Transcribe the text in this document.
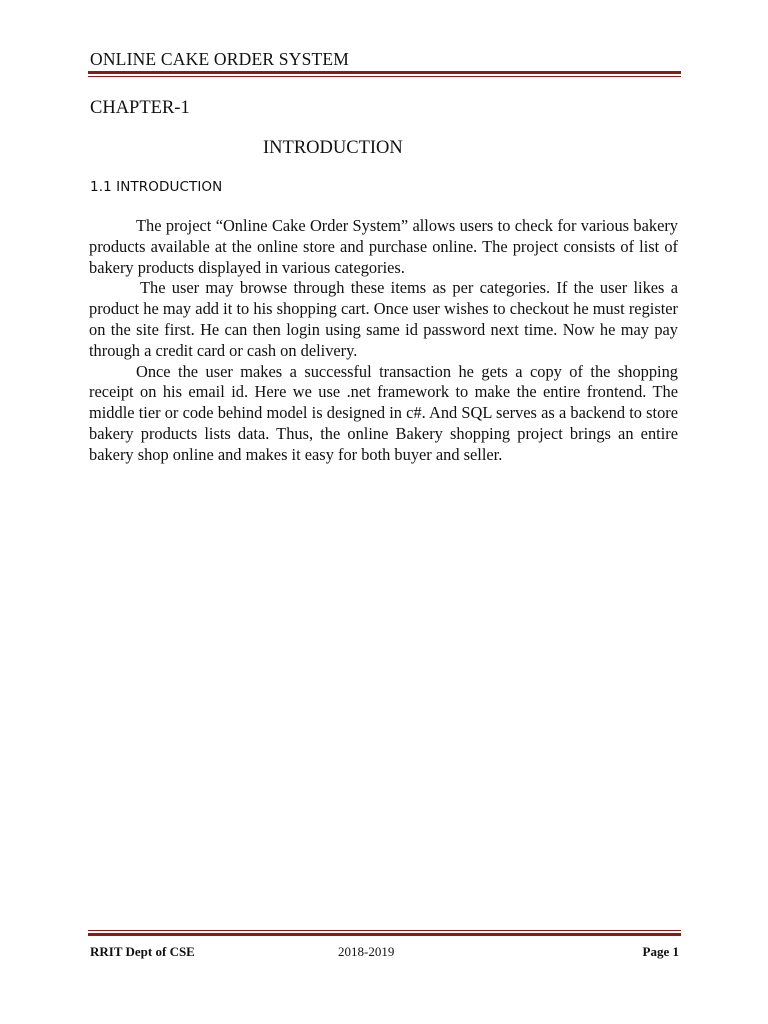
ONLINE CAKE ORDER SYSTEM
CHAPTER-1
INTRODUCTION
1.1 INTRODUCTION

The project “Online Cake Order System” allows users to check for various bakery products available at the online store and purchase online. The project consists of list of bakery products displayed in various categories.

The user may browse through these items as per categories. If the user likes a product he may add it to his shopping cart. Once user wishes to checkout he must register on the site first. He can then login using same id password next time. Now he may pay through a credit card or cash on delivery.

Once the user makes a successful transaction he gets a copy of the shopping receipt on his email id. Here we use .net framework to make the entire frontend. The middle tier or code behind model is designed in c#. And SQL serves as a backend to store bakery products lists data. Thus, the online Bakery shopping project brings an entire bakery shop online and makes it easy for both buyer and seller.

RRIT Dept of CSE	2018-2019	Page 1
